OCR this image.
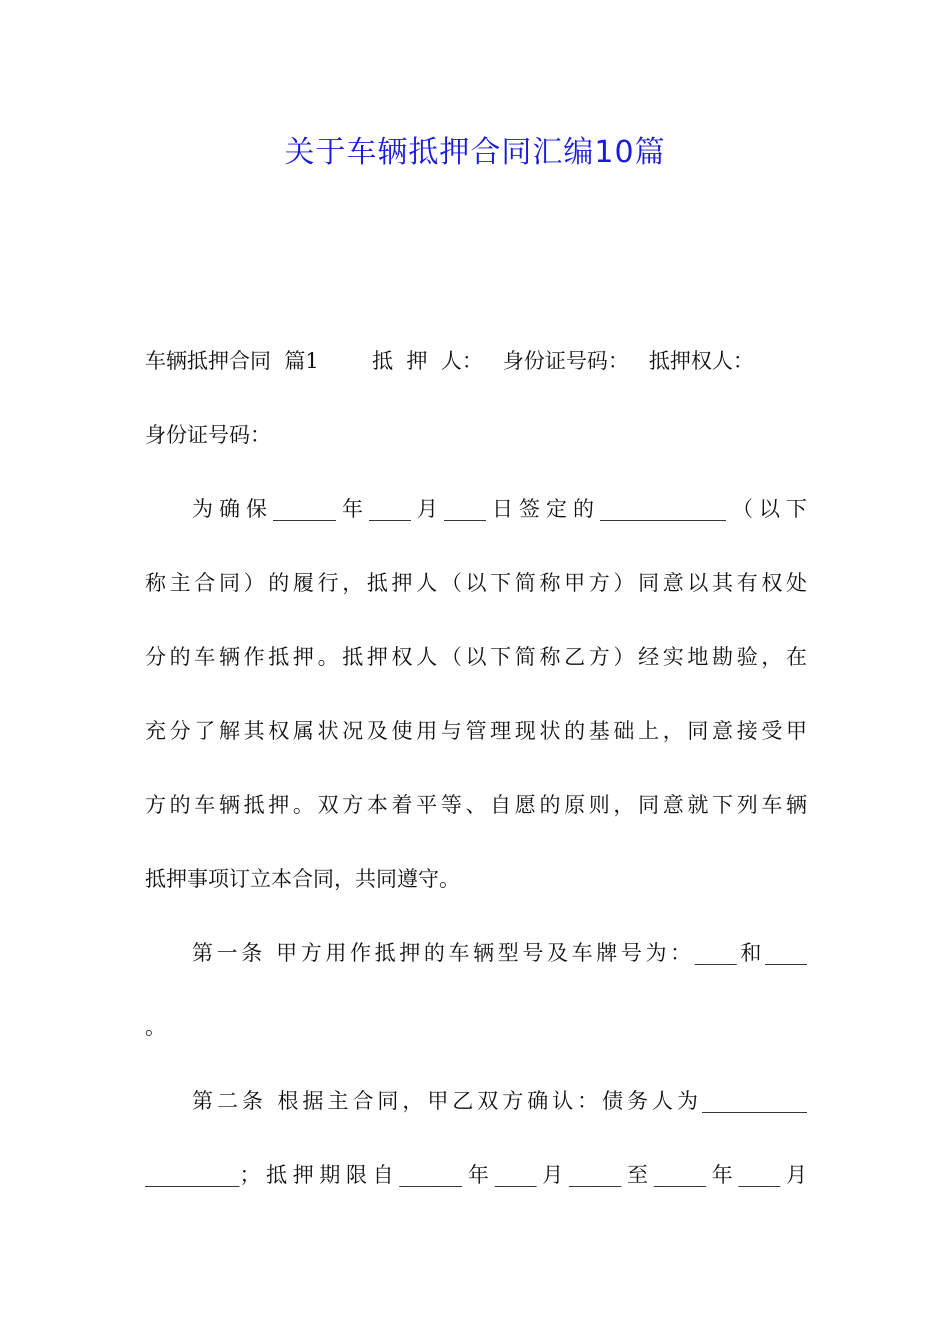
关于车辆抵押合同汇编10篇
车辆抵押合同  篇1        抵  押  人：   身份证号码：   抵押权人：
身份证号码：
为确保______年____月____日签定的____________（以下
称主合同）的履行，抵押人（以下简称甲方）同意以其有权处
分的车辆作抵押。抵押权人（以下简称乙方）经实地勘验，在
充分了解其权属状况及使用与管理现状的基础上，同意接受甲
方的车辆抵押。双方本着平等、自愿的原则，同意就下列车辆
抵押事项订立本合同，共同遵守。
第一条 甲方用作抵押的车辆型号及车牌号为：____和____
。
第二条 根据主合同，甲乙双方确认：债务人为__________
_________；抵押期限自______年____月_____至_____年____月
